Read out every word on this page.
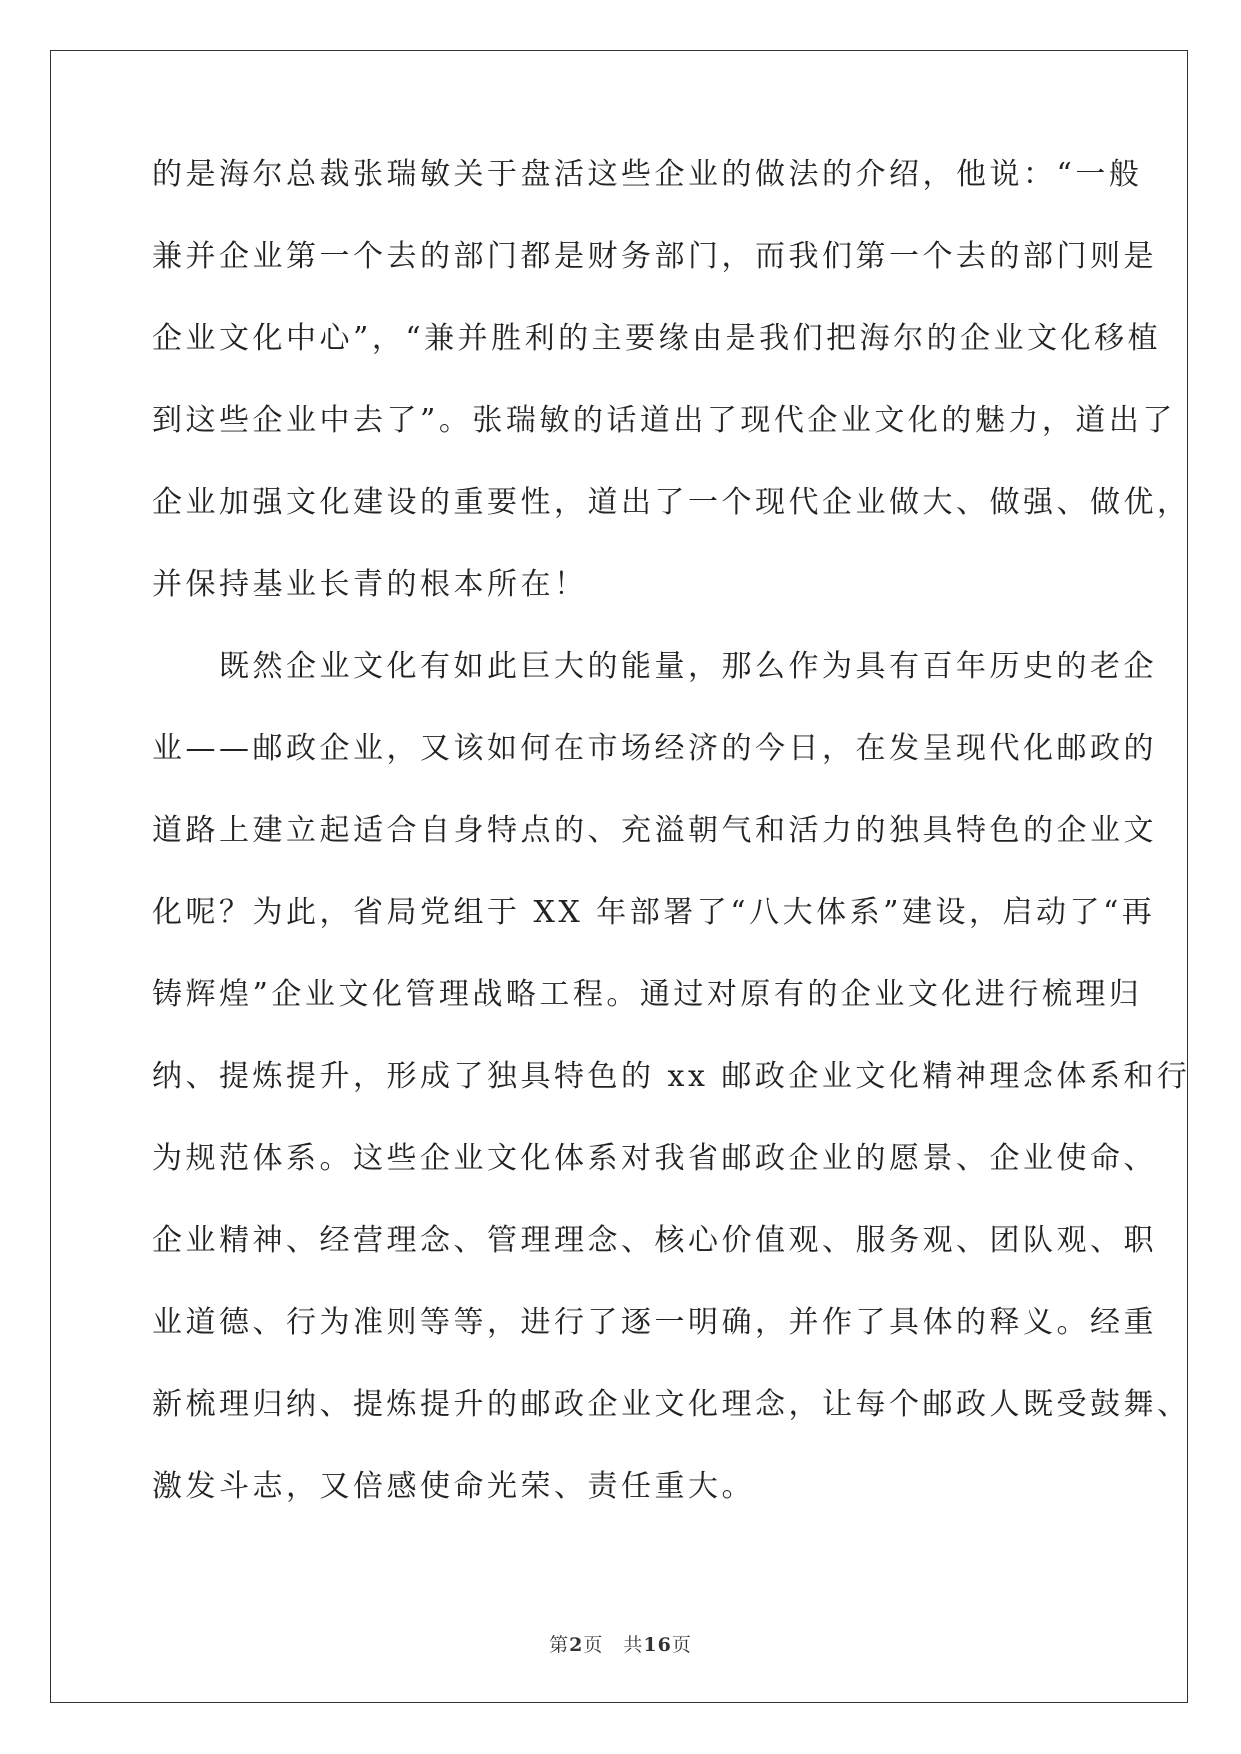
的是海尔总裁张瑞敏关于盘活这些企业的做法的介绍，他说：“一般
兼并企业第一个去的部门都是财务部门，而我们第一个去的部门则是
企业文化中心”，“兼并胜利的主要缘由是我们把海尔的企业文化移植
到这些企业中去了”。张瑞敏的话道出了现代企业文化的魅力，道出了
企业加强文化建设的重要性，道出了一个现代企业做大、做强、做优，
并保持基业长青的根本所在！
　　既然企业文化有如此巨大的能量，那么作为具有百年历史的老企
业——邮政企业，又该如何在市场经济的今日，在发呈现代化邮政的
道路上建立起适合自身特点的、充溢朝气和活力的独具特色的企业文
化呢？为此，省局党组于 XX 年部署了“八大体系”建设，启动了“再
铸辉煌”企业文化管理战略工程。通过对原有的企业文化进行梳理归
纳、提炼提升，形成了独具特色的 xx 邮政企业文化精神理念体系和行
为规范体系。这些企业文化体系对我省邮政企业的愿景、企业使命、
企业精神、经营理念、管理理念、核心价值观、服务观、团队观、职
业道德、行为准则等等，进行了逐一明确，并作了具体的释义。经重
新梳理归纳、提炼提升的邮政企业文化理念，让每个邮政人既受鼓舞、
激发斗志，又倍感使命光荣、责任重大。
第2页 共16页
